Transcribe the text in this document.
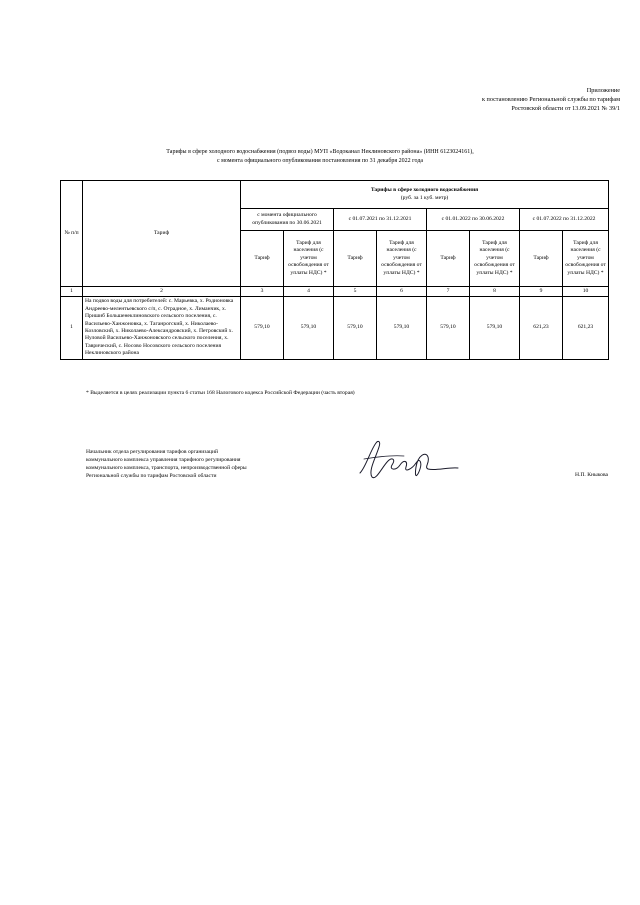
Приложение
к постановлению Региональной службы по тарифам
Ростовской области от 13.09.2021 № 39/1
Тарифы в сфере холодного водоснабжения (подвоз воды) МУП «Водоканал Неклиновского района» (ИНН 6123024161),
с момента официального опубликования постановления по 31 декабря 2022 года
№ п/п	Тариф	Тарифы в сфере холодного водоснабжения
(руб. за 1 куб. метр)							

		с момента официального опубликования по 30.06.2021		с 01.07.2021 по 31.12.2021		с 01.01.2022 по 30.06.2022		с 01.07.2022 по 31.12.2022	
		Тариф	Тариф для населения (с учетом освобождения от уплаты НДС) *	Тариф	Тариф для населения (с учетом освобождения от уплаты НДС) *	Тариф	Тариф для населения (с учетом освобождения от уплаты НДС) *	Тариф	Тариф для населения (с учетом освобождения от уплаты НДС) *
1	2	3	4	5	6	7	8	9	10
1	На подвоз воды для потребителей: с. Марьевка, х. Родионовка Андреево-мелентьевского с/п, с. Отрадное, х. Лиманчик, х. Пришиб Большенеклиновского сельского поселения, с. Васильево-Ханжоновка, х. Таганрогский, х. Николаево-Козловский, х. Николаево-Александровский, х. Петровский х. Нуловой Васильево-Ханжоновского сельского поселения, х. Таврический, с. Носово Носовского сельского поселения Неклиновского района	579,10	579,10	579,10	579,10	579,10	579,10	621,23	621,23
* Выделяется в целях реализации пункта 6 статьи 168 Налогового кодекса Российской Федерации (часть вторая)
Начальник отдела регулирования тарифов организаций
коммунального комплекса управления тарифного регулирования
коммунального комплекса, транспорта, непроизводственной сферы
Региональной службы по тарифам Ростовской области	Н.П. Кныкова
